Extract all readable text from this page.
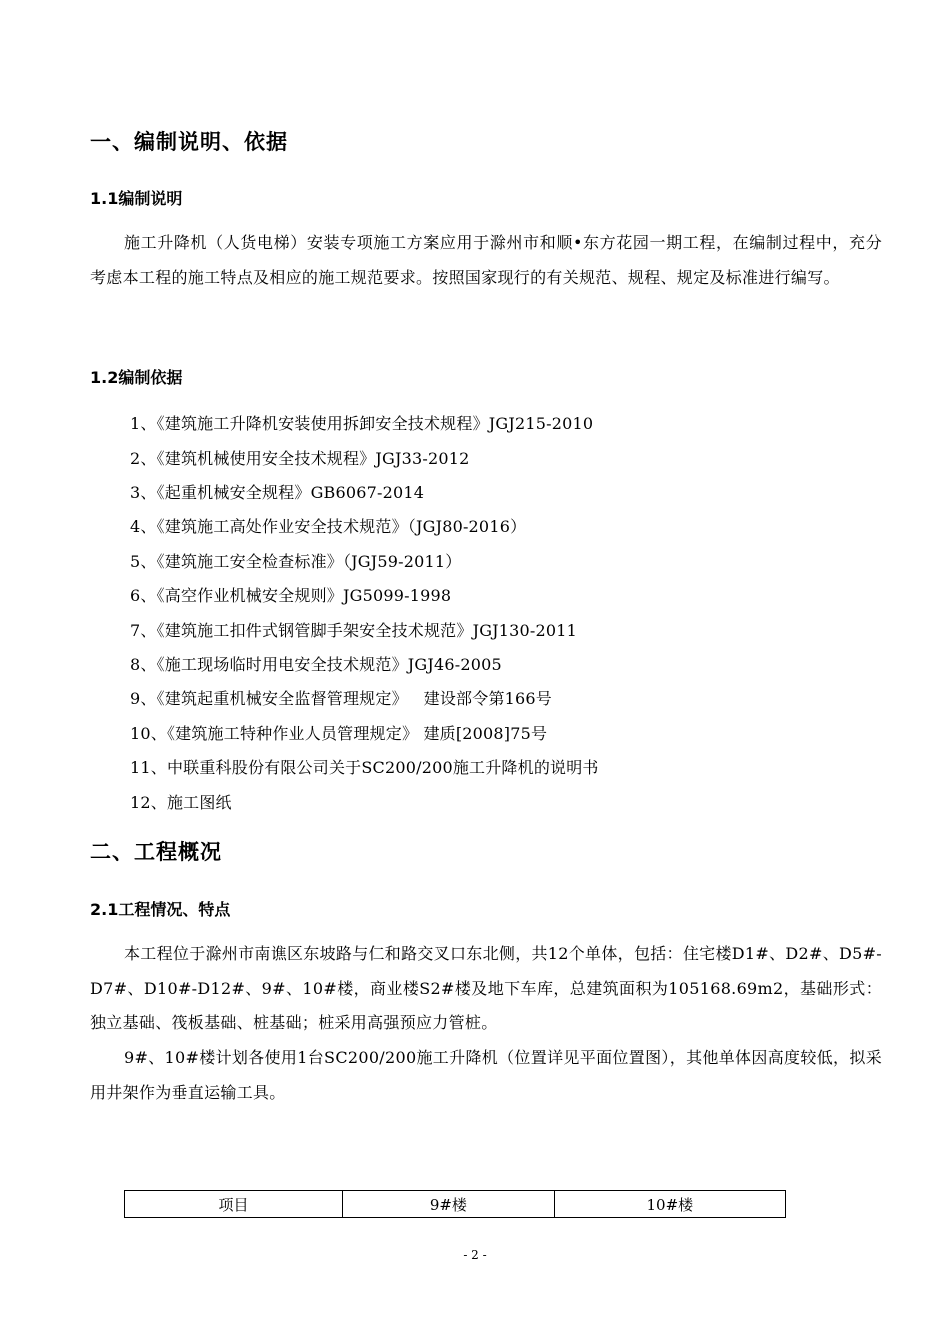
一、编制说明、依据
1.1编制说明
施工升降机（人货电梯）安装专项施工方案应用于滁州市和顺•东方花园一期工程，在编制过程中，充分考虑本工程的施工特点及相应的施工规范要求。按照国家现行的有关规范、规程、规定及标准进行编写。
1.2编制依据
1、《建筑施工升降机安装使用拆卸安全技术规程》JGJ215-2010
2、《建筑机械使用安全技术规程》JGJ33-2012
3、《起重机械安全规程》GB6067-2014
4、《建筑施工高处作业安全技术规范》（JGJ80-2016）
5、《建筑施工安全检查标准》（JGJ59-2011）
6、《高空作业机械安全规则》JG5099-1998
7、《建筑施工扣件式钢管脚手架安全技术规范》JGJ130-2011
8、《施工现场临时用电安全技术规范》JGJ46-2005
9、《建筑起重机械安全监督管理规定》   建设部令第166号
10、《建筑施工特种作业人员管理规定》 建质[2008]75号
11、中联重科股份有限公司关于SC200/200施工升降机的说明书
12、施工图纸
二、工程概况
2.1工程情况、特点
本工程位于滁州市南谯区东坡路与仁和路交叉口东北侧，共12个单体，包括：住宅楼D1#、D2#、D5#-D7#、D10#-D12#、9#、10#楼，商业楼S2#楼及地下车库，总建筑面积为105168.69m2，基础形式：独立基础、筏板基础、桩基础；桩采用高强预应力管桩。
9#、10#楼计划各使用1台SC200/200施工升降机（位置详见平面位置图），其他单体因高度较低，拟采用井架作为垂直运输工具。
项目	9#楼	10#楼
- 2 -
